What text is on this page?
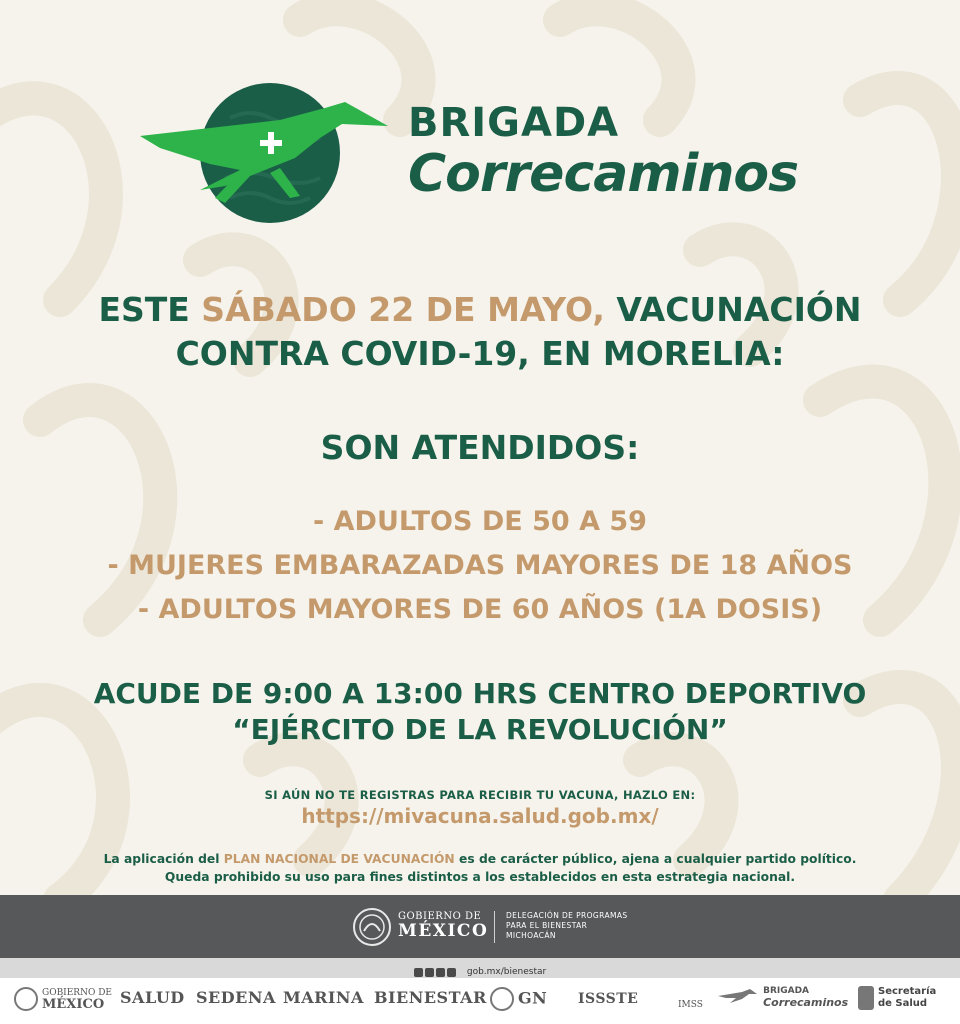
BRIGADA
Correcaminos
ESTE SÁBADO 22 DE MAYO, VACUNACIÓN
CONTRA COVID-19, EN MORELIA:
SON ATENDIDOS:
- ADULTOS DE 50 A 59
- MUJERES EMBARAZADAS MAYORES DE 18 AÑOS
- ADULTOS MAYORES DE 60 AÑOS (1A DOSIS)
ACUDE DE 9:00 A 13:00 HRS CENTRO DEPORTIVO
“EJÉRCITO DE LA REVOLUCIÓN”
SI AÚN NO TE REGISTRAS PARA RECIBIR TU VACUNA, HAZLO EN:
https://mivacuna.salud.gob.mx/
La aplicación del PLAN NACIONAL DE VACUNACIÓN es de carácter público, ajena a cualquier partido político.
Queda prohibido su uso para fines distintos a los establecidos en esta estrategia nacional.
GOBIERNO DE
MÉXICO
DELEGACIÓN DE PROGRAMAS
PARA EL BIENESTAR
MICHOACÁN
gob.mx/bienestar
GOBIERNO DE
MÉXICO SALUD SEDENA MARINA BIENESTAR	GN ISSSTE	IMSS

BRIGADA
Correcaminos
Secretaría
de Salud
